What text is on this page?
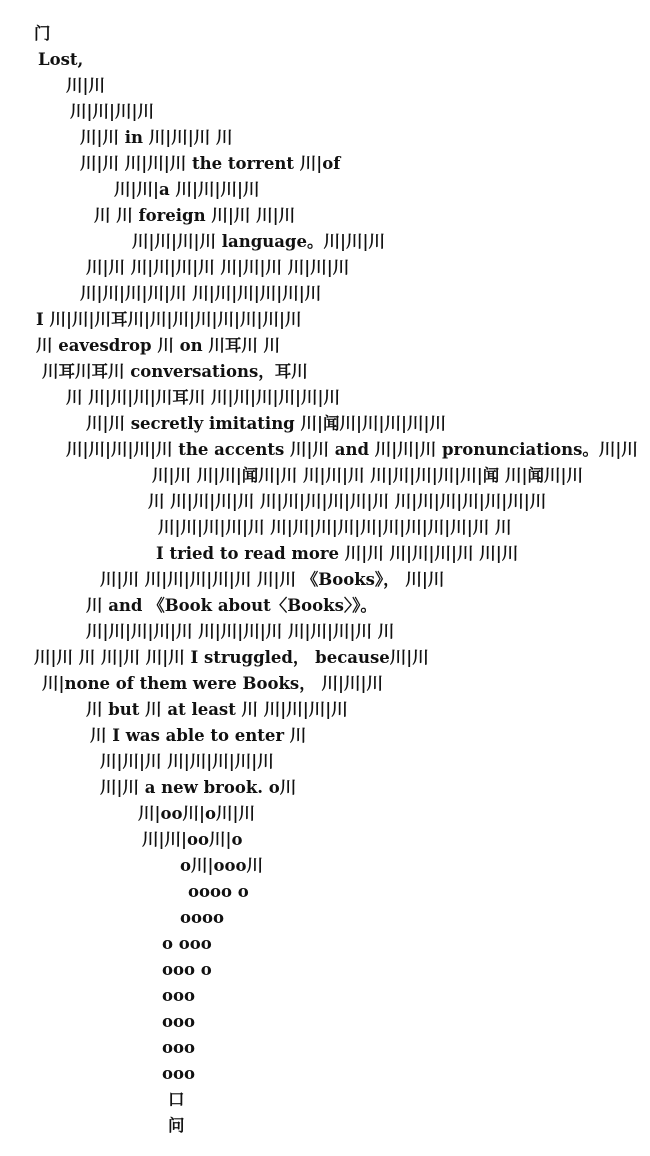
门
Lost,
川|川
川|川|川|川
川|川 in 川|川|川 川
川|川 川|川|川 the torrent 川|of
川|川|a 川|川|川|川
川 川 foreign 川|川 川|川
川|川|川|川 language。川|川|川
川|川 川|川|川|川 川|川|川 川|川|川
川|川|川|川|川 川|川|川|川|川|川
I 川|川|川耳川|川|川|川|川|川|川|川
川 eavesdrop 川 on 川耳川 川
川耳川耳川 conversations，耳川
川 川|川|川|川耳川 川|川|川|川|川|川
川|川 secretly imitating 川|闻川|川|川|川|川
川|川|川|川|川 the accents 川|川 and 川|川|川 pronunciations。川|川
川|川 川|川|闻川|川 川|川|川 川|川|川|川|川|闻 川|闻川|川
川 川|川|川|川 川|川|川|川|川|川 川|川|川|川|川|川|川
川|川|川|川|川 川|川|川|川|川|川|川|川|川|川 川
I tried to read more 川|川 川|川|川|川 川|川
川|川 川|川|川|川|川 川|川 《Books》， 川|川
川 and 《Book about〈Books〉》。
川|川|川|川|川 川|川|川|川 川|川|川|川 川
川|川 川 川|川 川|川 I struggled， because川|川
川|none of them were Books， 川|川|川
川 but 川 at least 川 川|川|川|川
川 I was able to enter 川
川|川|川 川|川|川|川|川
川|川 a new brook. o川
川|oo川|o川|川
川|川|oo川|o
o川|ooo川
oooo o
oooo
o ooo
ooo o
ooo
ooo
ooo
ooo
口
问
